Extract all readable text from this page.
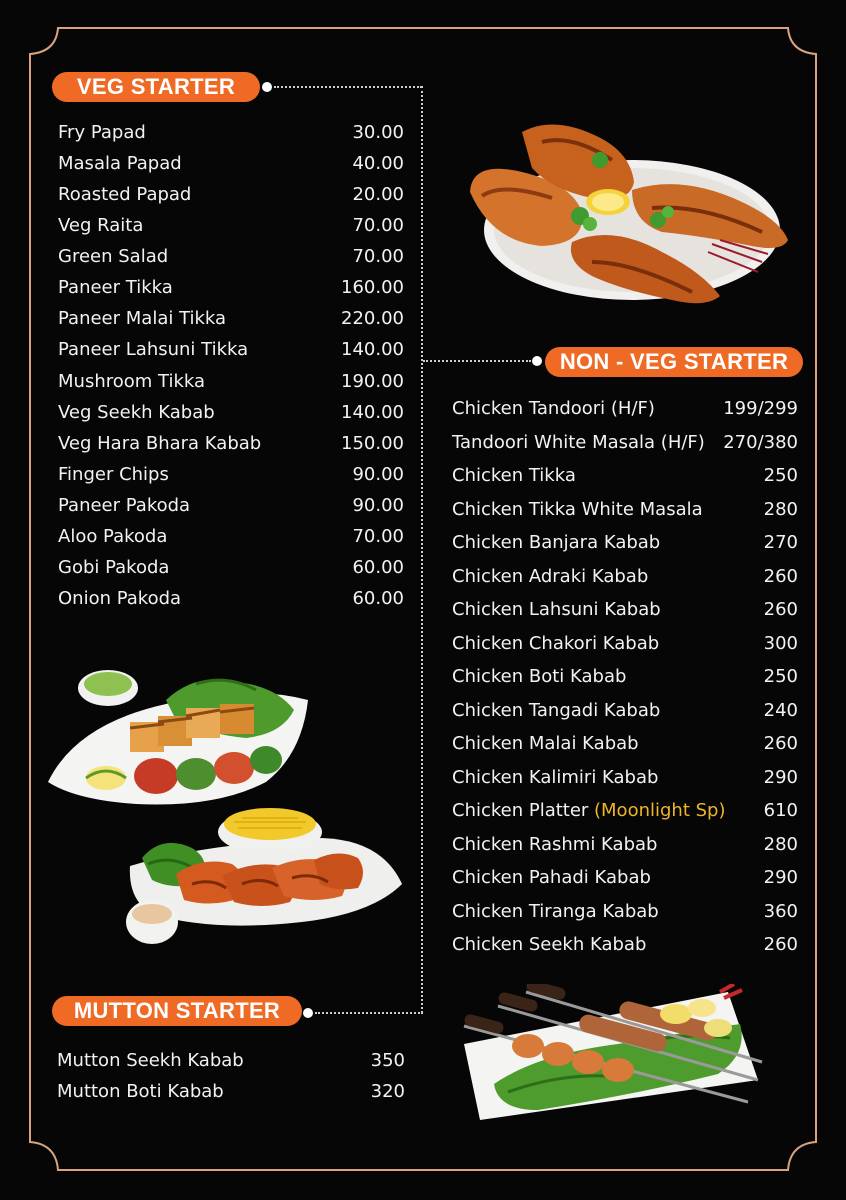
VEG STARTER
Fry Papad	30.00
Masala Papad	40.00
Roasted Papad	20.00
Veg Raita	70.00
Green Salad	70.00
Paneer Tikka	160.00
Paneer Malai Tikka	220.00
Paneer Lahsuni Tikka	140.00
Mushroom Tikka	190.00
Veg Seekh Kabab	140.00
Veg Hara Bhara Kabab	150.00
Finger Chips	90.00
Paneer Pakoda	90.00
Aloo Pakoda	70.00
Gobi Pakoda	60.00
Onion Pakoda	60.00
NON - VEG STARTER
Chicken Tandoori (H/F)	199/299
Tandoori White Masala (H/F) 270/380
Chicken Tikka	250
Chicken Tikka White Masala	280
Chicken Banjara Kabab	270
Chicken Adraki Kabab	260
Chicken Lahsuni Kabab	260
Chicken Chakori Kabab	300
Chicken Boti Kabab	250
Chicken Tangadi Kabab	240
Chicken Malai Kabab	260
Chicken Kalimiri Kabab	290
Chicken Platter (Moonlight Sp) 610
Chicken Rashmi Kabab	280
Chicken Pahadi Kabab	290
Chicken Tiranga Kabab	360
Chicken Seekh Kabab	260
MUTTON STARTER
Mutton Seekh Kabab	350
Mutton Boti Kabab	320
